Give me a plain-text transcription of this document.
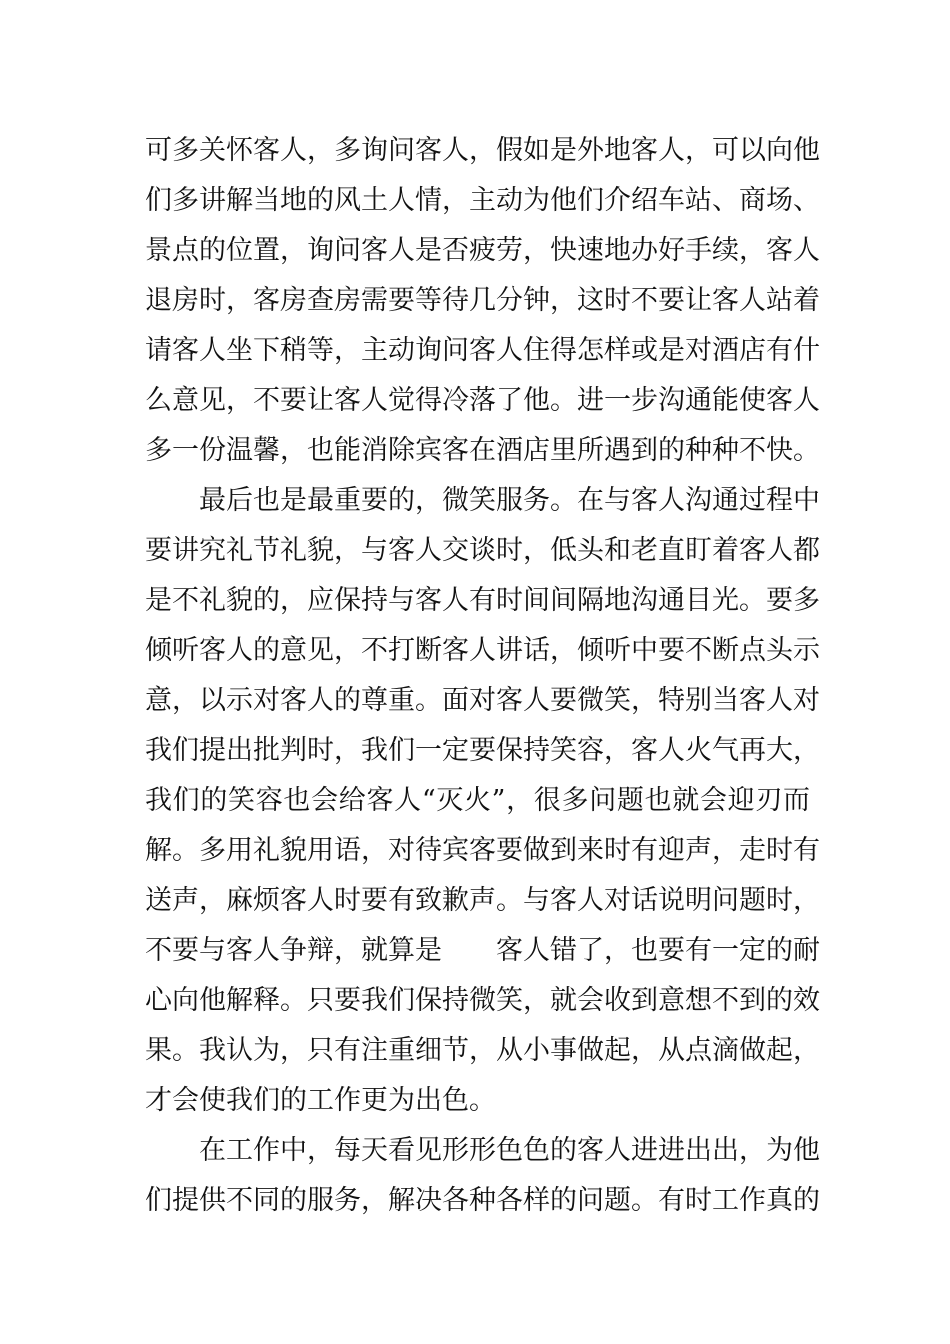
可多关怀客人，多询问客人，假如是外地客人，可以向他
们多讲解当地的风土人情，主动为他们介绍车站、商场、
景点的位置，询问客人是否疲劳，快速地办好手续，客人
退房时，客房查房需要等待几分钟，这时不要让客人站着
请客人坐下稍等，主动询问客人住得怎样或是对酒店有什
么意见，不要让客人觉得冷落了他。进一步沟通能使客人
多一份温馨，也能消除宾客在酒店里所遇到的种种不快。
最后也是最重要的，微笑服务。在与客人沟通过程中
要讲究礼节礼貌，与客人交谈时，低头和老直盯着客人都
是不礼貌的，应保持与客人有时间间隔地沟通目光。要多
倾听客人的意见，不打断客人讲话，倾听中要不断点头示
意，以示对客人的尊重。面对客人要微笑，特别当客人对
我们提出批判时，我们一定要保持笑容，客人火气再大，
我们的笑容也会给客人“灭火”，很多问题也就会迎刃而
解。多用礼貌用语，对待宾客要做到来时有迎声，走时有
送声，麻烦客人时要有致歉声。与客人对话说明问题时，
不要与客人争辩，就算是　　客人错了，也要有一定的耐
心向他解释。只要我们保持微笑，就会收到意想不到的效
果。我认为，只有注重细节，从小事做起，从点滴做起，
才会使我们的工作更为出色。
在工作中，每天看见形形色色的客人进进出出，为他
们提供不同的服务，解决各种各样的问题。有时工作真的
